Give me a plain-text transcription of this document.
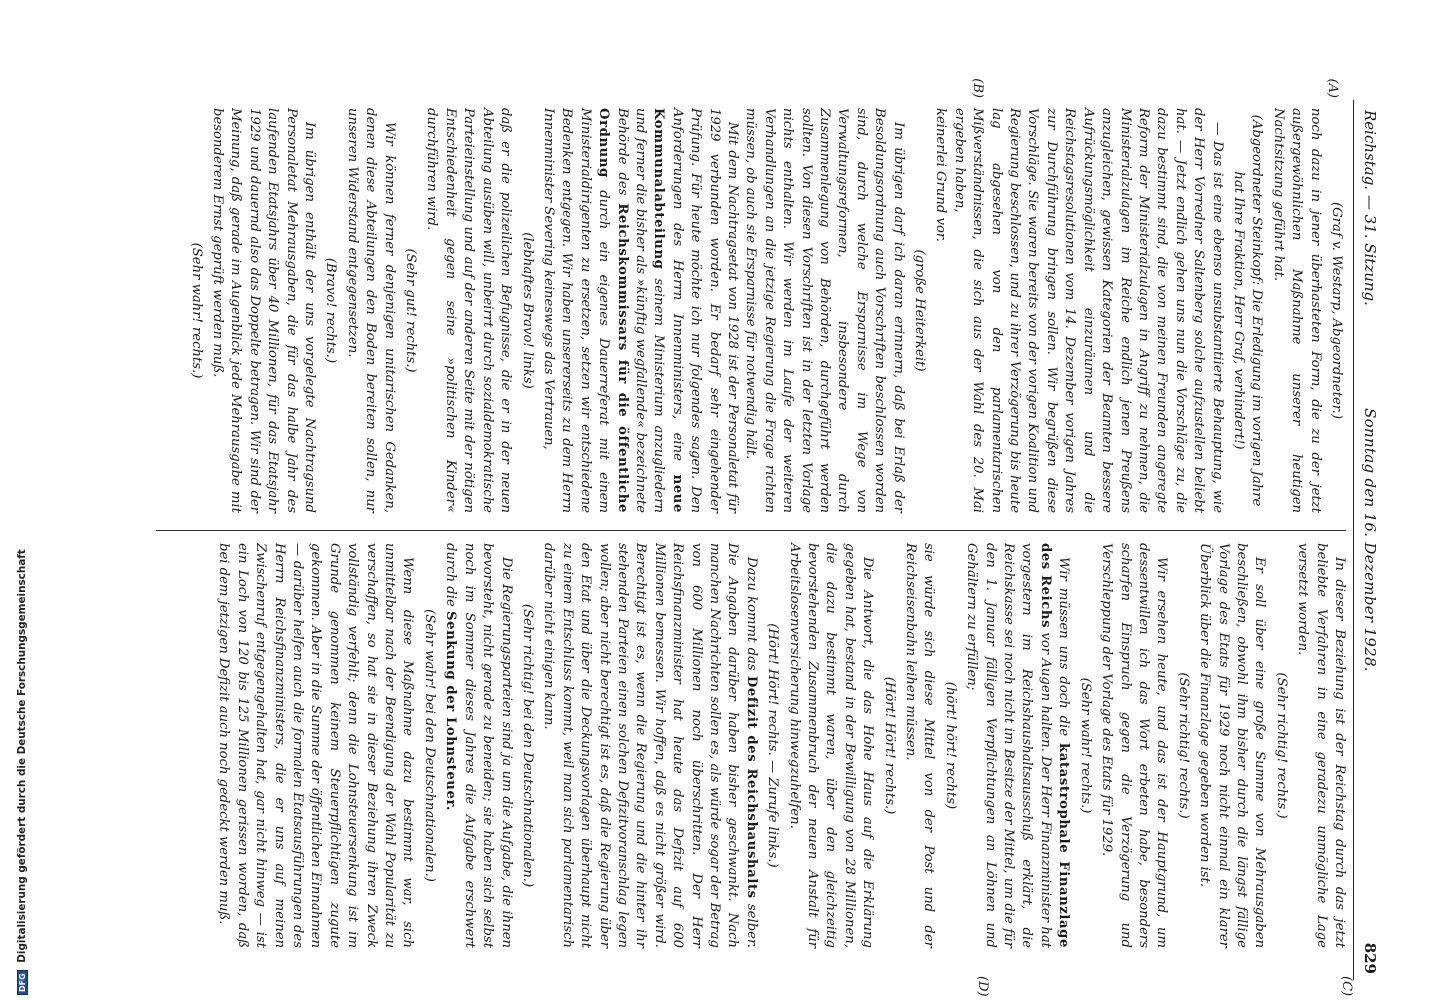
Reichstag. — 31. Sitzung.
Sonntag den 16. Dezember 1928.
829
(A)
(B)
(C)
(D)

(Graf v. Westarp, Abgeordneter.)

noch dazu in jener überhasteten Form, die zu der jetzt außergewöhnlichen Maßnahme unserer heutigen Nachtsitzung geführt hat.

(Abgeordneter Steinkopf: Die Erledigung im vorigen Jahre hat Ihre Fraktion, Herr Graf, verhindert!)

— Das ist eine ebenso unsubstantiierte Behauptung, wie der Herr Vorredner Saltenberg solche aufzustellen beliebt hat. — Jetzt endlich gehen uns nun die Vorschläge zu, die dazu bestimmt sind, die von meinen Freunden angeregte Reform der Ministerialzulagen in Angriff zu nehmen, die Ministerialzulagen im Reiche endlich jenen Preußens anzugleichen, gewissen Kategorien der Beamten bessere Aufrückungsmöglichkeit einzuräumen und die Reichstagsresolutionen vom 14. Dezember vorigen Jahres zur Durchführung bringen sollen. Wir begrüßen diese Vorschläge. Sie waren bereits von der vorigen Koalition und Regierung beschlossen, und zu ihrer Verzögerung bis heute lag abgesehen von den parlamentarischen Mißverständnissen, die sich aus der Wahl des 20. Mai ergeben haben,

keinerlei Grund vor.

(große Heiterkeit)

Im übrigen darf ich daran erinnern, daß bei Erlaß der Besoldungsordnung auch Vorschriften beschlossen worden sind, durch welche Ersparnisse im Wege von Verwaltungsreformen, insbesondere durch Zusammenlegung von Behörden, durchgeführt werden sollten. Von diesen Vorschriften ist in der letzten Vorlage nichts enthalten. Wir werden im Laufe der weiteren Verhandlungen an die jetzige Regierung die Frage richten müssen, ob auch sie Ersparnisse für notwendig hält.

Mit dem Nachtragsetat von 1928 ist der Personaletat für 1929 verbunden worden. Er bedarf sehr eingehender Prüfung. Für heute möchte ich nur folgendes sagen. Den Anforderungen des Herrn Innenministers, eine neue Kommunalabteilung seinem Ministerium anzugliedern und ferner die bisher als »künftig wegfallende« bezeichnete Behörde des Reichskommissars für die öffentliche Ordnung durch ein eigenes Dauerreferat mit einem Ministerialdirigenten zu ersetzen, setzen wir entschiedene Bedenken entgegen. Wir haben unsererseits zu dem Herrn Innenminister Severing keineswegs das Vertrauen,

(lebhaftes Bravo! links)

daß er die polizeilichen Befugnisse, die er in der neuen Abteilung ausüben will, unbeirrt durch sozialdemokratische Parteieinstellung und auf der anderen Seite mit der nötigen Entschiedenheit gegen seine »politischen Kinder« durchführen wird.

(Sehr gut! rechts.)

Wir können ferner denjenigen unitarischen Gedanken, denen diese Abteilungen den Boden bereiten sollen, nur unseren Widerstand entgegensetzen.

(Bravo! rechts.)

Im übrigen enthält der uns vorgelegte Nachtragsund Personaletat Mehrausgaben, die für das halbe Jahr des laufenden Etatsjahrs über 40 Millionen, für das Etatsjahr 1929 und dauernd also das Doppelte betragen. Wir sind der Meinung, daß gerade im Augenblick jede Mehrausgabe mit besonderem Ernst geprüft werden muß.

(Sehr wahr! rechts.)

In dieser Beziehung ist der Reichstag durch das jetzt beliebte Verfahren in eine geradezu unmögliche Lage versetzt worden.

(Sehr richtig! rechts.)

Er soll über eine große Summe von Mehrausgaben beschließen, obwohl ihm bisher durch die längst fällige Vorlage des Etats für 1929 noch nicht einmal ein klarer Überblick über die Finanzlage gegeben worden ist.

(Sehr richtig! rechts.)

Wir ersehen heute, und das ist der Hauptgrund, um dessentwillen ich das Wort erbeten habe, besonders scharfen Einspruch gegen die Verzögerung und Verschleppung der Vorlage des Etats für 1929.

(Sehr wahr! rechts.)

Wir müssen uns doch die katastrophale Finanzlage des Reichs vor Augen halten. Der Herr Finanzminister hat vorgestern im Reichshaushaltsausschuß erklärt, die Reichskasse sei noch nicht im Besitze der Mittel, um die für den 1. Januar fälligen Verpflichtungen an Löhnen und Gehältern zu erfüllen;

(hört! hört! rechts)

sie würde sich diese Mittel von der Post und der Reichseisenbahn leihen müssen.

(Hört! Hört! rechts.)

Die Antwort, die das Hohe Haus auf die Erklärung gegeben hat, bestand in der Bewilligung von 28 Millionen, die dazu bestimmt waren, über den gleichzeitig bevorstehenden Zusammenbruch der neuen Anstalt für Arbeitslosenversicherung hinwegzuhelfen.

(Hört! Hört! rechts. — Zurufe links.)

Dazu kommt das Defizit des Reichshaushalts selber. Die Angaben darüber haben bisher geschwankt. Nach manchen Nachrichten sollen es, als würde sogar der Betrag von 600 Millionen noch überschritten. Der Herr Reichsfinanzminister hat heute das Defizit auf 600 Millionen bemessen. Wir hoffen, daß es nicht größer wird. Berechtigt ist es, wenn die Regierung und die hinter ihr stehenden Parteien einen solchen Defizitvoranschlag legen wollen; aber nicht berechtigt ist es, daß die Regierung über den Etat und über die Deckungsvorlagen überhaupt nicht zu einem Entschluss kommt, weil man sich parlamentarisch darüber nicht einigen kann.

(Sehr richtig! bei den Deutschnationalen.)

Die Regierungsparteien sind ja um die Aufgabe, die ihnen bevorsteht, nicht gerade zu beneiden; sie haben sich selbst noch im Sommer dieses Jahres die Aufgabe erschwert durch die Senkung der Lohnsteuer.

(Sehr wahr! bei den Deutschnationalen.)

Wenn diese Maßnahme dazu bestimmt war, sich unmittelbar nach der Beendigung der Wahl Popularität zu verschaffen, so hat sie in dieser Beziehung ihren Zweck vollständig verfehlt; denn die Lohnsteuersenkung ist im Grunde genommen keinem Steuerpflichtigen zugute gekommen. Aber in die Summe der öffentlichen Einnahmen — darüber helfen auch die formalen Etatsausführungen des Herrn Reichsfinanzministers, die er uns auf meinen Zwischenruf entgegengehalten hat, gar nicht hinweg — ist ein Loch von 120 bis 125 Millionen gerissen worden, daß bei dem jetzigen Defizit auch noch gedeckt werden muß.

DFG Digitalisierung gefördert durch die Deutsche Forschungsgemeinschaft
